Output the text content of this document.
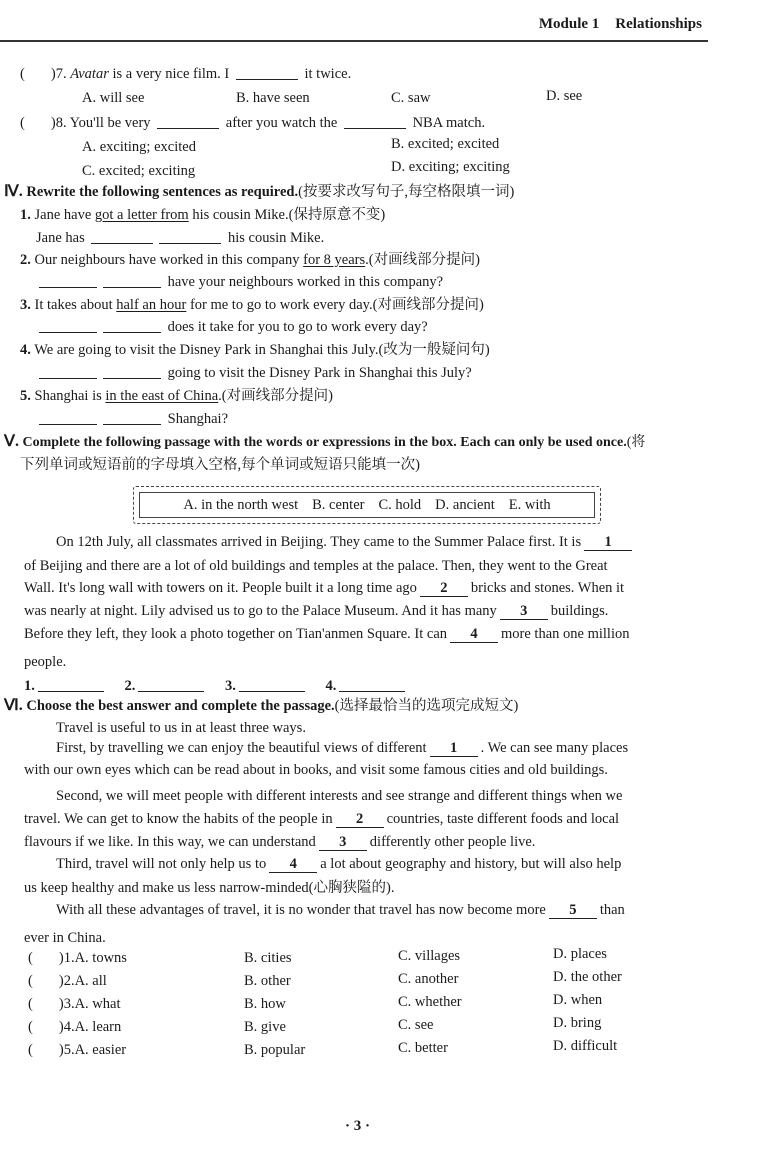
Module 1 Relationships
( )7. Avatar is a very nice film. I	it twice.
A. will see	B. have seen	C. saw	D. see
( )8. You'll be very	after you watch the	NBA match.
A. exciting; excited	B. excited; excited
C. excited; exciting	D. exciting; exciting
Ⅳ. Rewrite the following sentences as required.(按要求改写句子,每空格限填一词)
1. Jane have got a letter from his cousin Mike.(保持原意不变)
Jane has	his cousin Mike.
2. Our neighbours have worked in this company for 8 years.(对画线部分提问)
have your neighbours worked in this company?
3. It takes about half an hour for me to go to work every day.(对画线部分提问)
does it take for you to go to work every day?
4. We are going to visit the Disney Park in Shanghai this July.(改为一般疑问句)
going to visit the Disney Park in Shanghai this July?
5. Shanghai is in the east of China.(对画线部分提问)
Shanghai?
Ⅴ. Complete the following passage with the words or expressions in the box. Each can only be used once.(将
下列单词或短语前的字母填入空格,每个单词或短语只能填一次)
A. in the north west B. center C. hold D. ancient E. with
On 12th July, all classmates arrived in Beijing. They came to the Summer Palace first. It is 1
of Beijing and there are a lot of old buildings and temples at the palace. Then, they went to the Great
Wall. It's long wall with towers on it. People built it a long time ago 2 bricks and stones. When it
was nearly at night. Lily advised us to go to the Palace Museum. And it has many 3 buildings.
Before they left, they look a photo together on Tian'anmen Square. It can 4 more than one million
people.
1.	2.	3.	4.
Ⅵ. Choose the best answer and complete the passage.(选择最恰当的选项完成短文)
Travel is useful to us in at least three ways.
First, by travelling we can enjoy the beautiful views of different 1 . We can see many places
with our own eyes which can be read about in books, and visit some famous cities and old buildings.
Second, we will meet people with different interests and see strange and different things when we
travel. We can get to know the habits of the people in 2 countries, taste different foods and local
flavours if we like. In this way, we can understand 3 differently other people live.
Third, travel will not only help us to 4 a lot about geography and history, but will also help
us keep healthy and make us less narrow-minded(心胸狭隘的).
With all these advantages of travel, it is no wonder that travel has now become more 5 than
ever in China.
( )1.A. towns	B. cities	C. villages	D. places
( )2.A. all	B. other	C. another	D. the other
( )3.A. what	B. how	C. whether	D. when
( )4.A. learn	B. give	C. see	D. bring
( )5.A. easier	B. popular	C. better	D. difficult
· 3 ·
